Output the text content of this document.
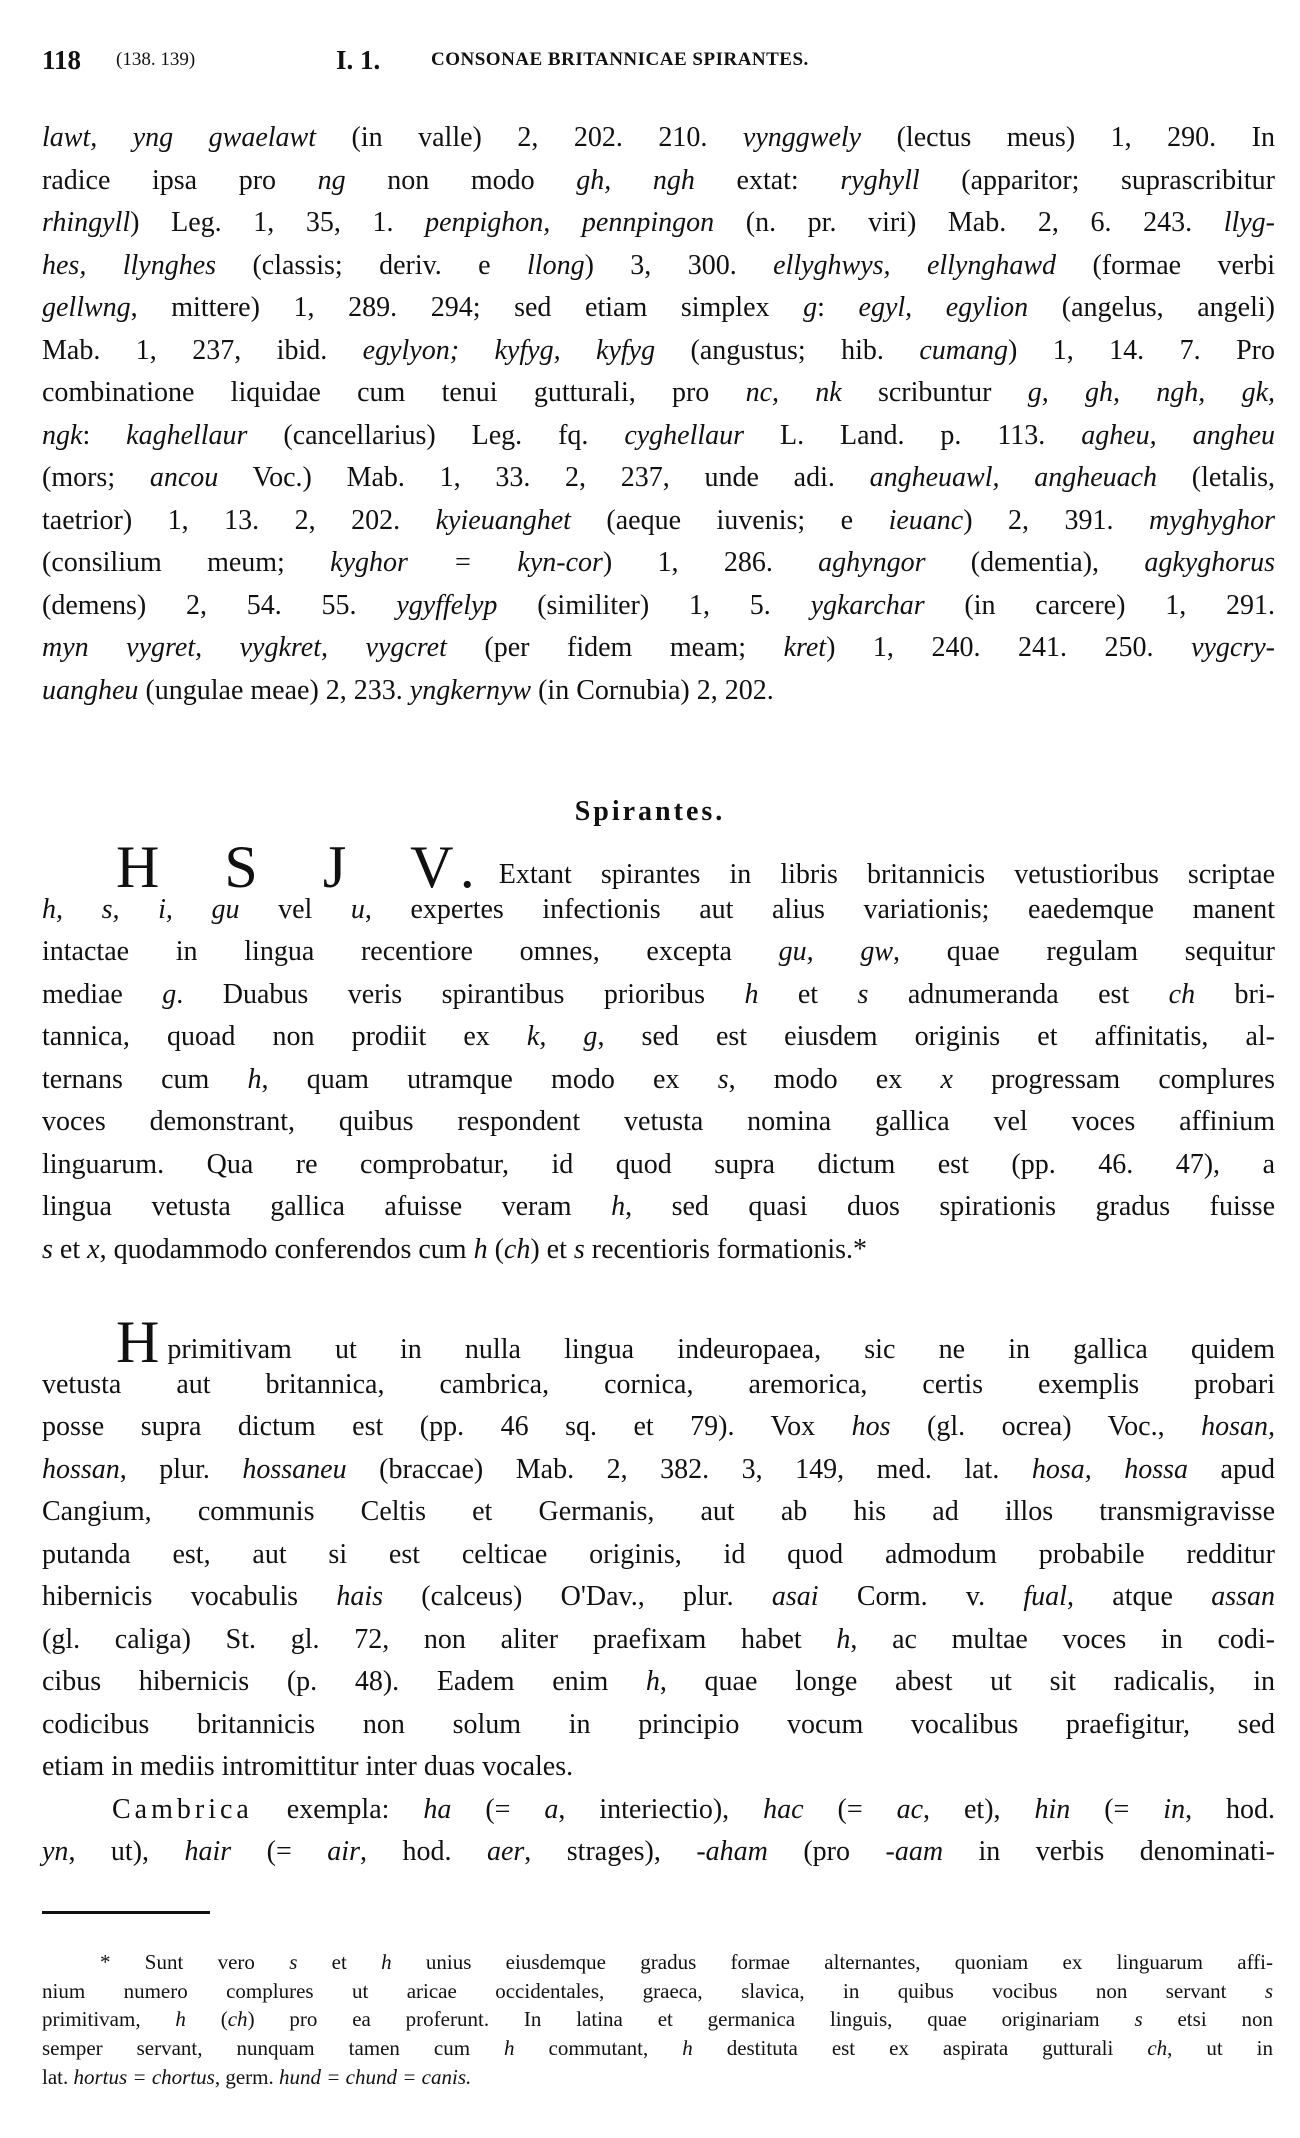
118 (138. 139)	I. 1.	CONSONAE BRITANNICAE SPIRANTES.
lawt, yng gwaelawt (in valle) 2, 202. 210. vynggwely (lectus meus) 1, 290. In
radice ipsa pro ng non modo gh, ngh extat: ryghyll (apparitor; suprascribitur
rhingyll) Leg. 1, 35, 1. penpighon, pennpingon (n. pr. viri) Mab. 2, 6. 243. llyg-
hes, llynghes (classis; deriv. e llong) 3, 300. ellyghwys, ellynghawd (formae verbi
gellwng, mittere) 1, 289. 294; sed etiam simplex g: egyl, egylion (angelus, angeli)
Mab. 1, 237, ibid. egylyon; kyfyg, kyfyg (angustus; hib. cumang) 1, 14. 7. Pro
combinatione liquidae cum tenui gutturali, pro nc, nk scribuntur g, gh, ngh, gk,
ngk: kaghellaur (cancellarius) Leg. fq. cyghellaur L. Land. p. 113. agheu, angheu
(mors; ancou Voc.) Mab. 1, 33. 2, 237, unde adi. angheuawl, angheuach (letalis,
taetrior) 1, 13. 2, 202. kyieuanghet (aeque iuvenis; e ieuanc) 2, 391. myghyghor
(consilium meum; kyghor = kyn-cor) 1, 286. aghyngor (dementia), agkyghorus
(demens) 2, 54. 55. ygyffelyp (similiter) 1, 5. ygkarchar (in carcere) 1, 291.
myn vygret, vygkret, vygcret (per fidem meam; kret) 1, 240. 241. 250. vygcry-
uangheu (ungulae meae) 2, 233. yngkernyw (in Cornubia) 2, 202.
Spirantes.
H S J V. Extant spirantes in libris britannicis vetustioribus scriptae
h, s, i, gu vel u, expertes infectionis aut alius variationis; eaedemque manent
intactae in lingua recentiore omnes, excepta gu, gw, quae regulam sequitur
mediae g. Duabus veris spirantibus prioribus h et s adnumeranda est ch bri-
tannica, quoad non prodiit ex k, g, sed est eiusdem originis et affinitatis, al-
ternans cum h, quam utramque modo ex s, modo ex x progressam complures
voces demonstrant, quibus respondent vetusta nomina gallica vel voces affinium
linguarum. Qua re comprobatur, id quod supra dictum est (pp. 46. 47), a
lingua vetusta gallica afuisse veram h, sed quasi duos spirationis gradus fuisse
s et x, quodammodo conferendos cum h (ch) et s recentioris formationis.*
Hprimitivam ut in nulla lingua indeuropaea, sic ne in gallica quidem
vetusta aut britannica, cambrica, cornica, aremorica, certis exemplis probari
posse supra dictum est (pp. 46 sq. et 79). Vox hos (gl. ocrea) Voc., hosan,
hossan, plur. hossaneu (braccae) Mab. 2, 382. 3, 149, med. lat. hosa, hossa apud
Cangium, communis Celtis et Germanis, aut ab his ad illos transmigravisse
putanda est, aut si est celticae originis, id quod admodum probabile redditur
hibernicis vocabulis hais (calceus) O'Dav., plur. asai Corm. v. fual, atque assan
(gl. caliga) St. gl. 72, non aliter praefixam habet h, ac multae voces in codi-
cibus hibernicis (p. 48). Eadem enim h, quae longe abest ut sit radicalis, in
codicibus britannicis non solum in principio vocum vocalibus praefigitur, sed
etiam in mediis intromittitur inter duas vocales.
Cambrica exempla: ha (= a, interiectio), hac (= ac, et), hin (= in, hod.
yn, ut), hair (= air, hod. aer, strages), -aham (pro -aam in verbis denominati-
* Sunt vero s et h unius eiusdemque gradus formae alternantes, quoniam ex linguarum affi-
nium numero complures ut aricae occidentales, graeca, slavica, in quibus vocibus non servant s
primitivam, h (ch) pro ea proferunt. In latina et germanica linguis, quae originariam s etsi non
semper servant, nunquam tamen cum h commutant, h destituta est ex aspirata gutturali ch, ut in
lat. hortus = chortus, germ. hund = chund = canis.
